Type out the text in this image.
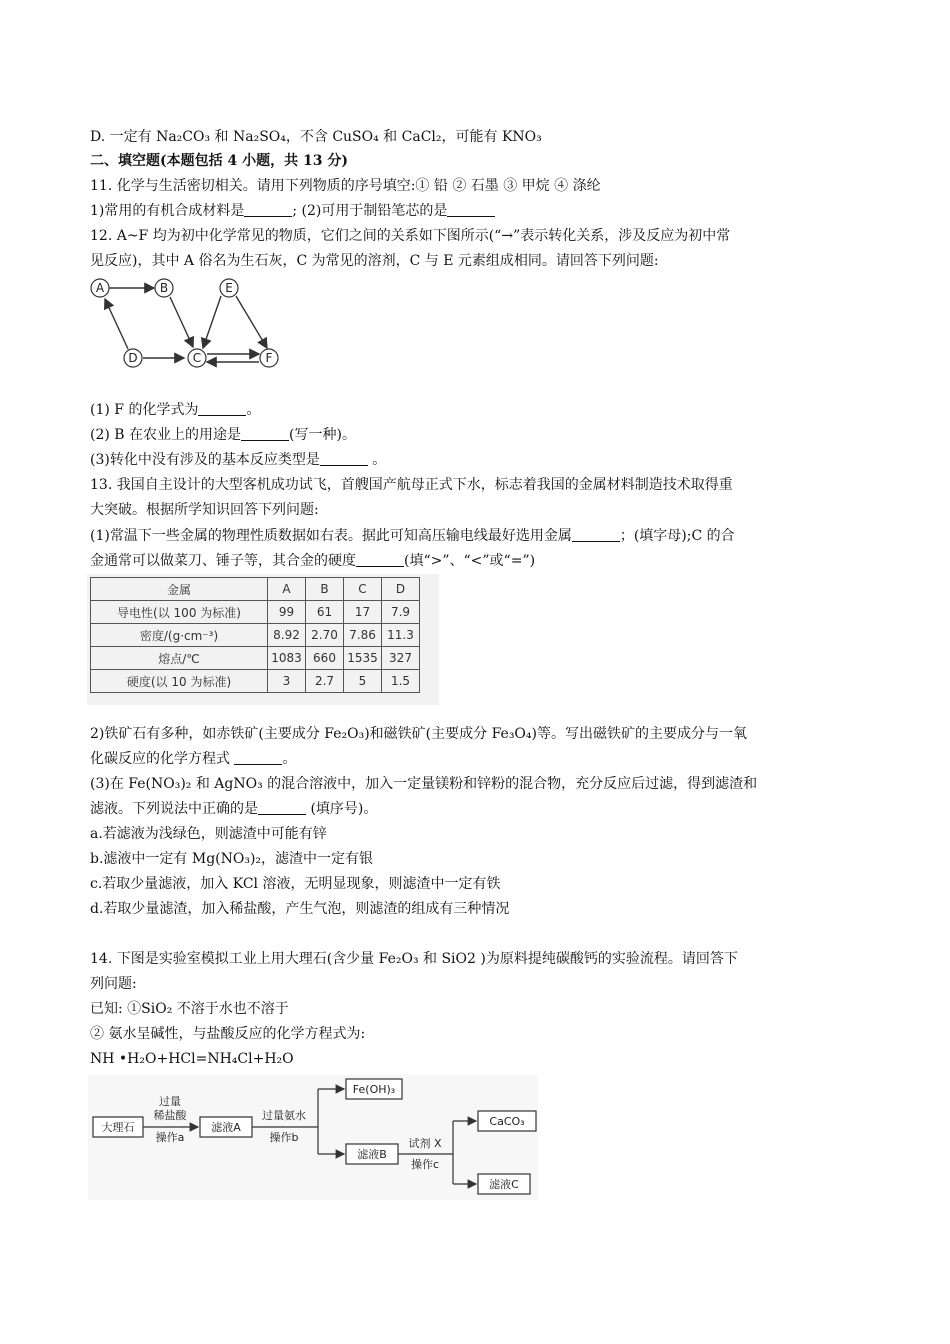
D. 一定有 Na₂CO₃ 和 Na₂SO₄，不含 CuSO₄ 和 CaCl₂，可能有 KNO₃
二、填空题(本题包括 4 小题，共 13 分)
11. 化学与生活密切相关。请用下列物质的序号填空:① 铅 ② 石墨 ③ 甲烷 ④ 涤纶
1)常用的有机合成材料是	; (2)可用于制铅笔芯的是
12. A~F 均为初中化学常见的物质，它们之间的关系如下图所示(“→”表示转化关系，涉及反应为初中常
见反应)，其中 A 俗名为生石灰，C 为常见的溶剂，C 与 E 元素组成相同。请回答下列问题:
A	B	E
D	C	F
(1) F 的化学式为	。
(2) B 在农业上的用途是	(写一种)。
(3)转化中没有涉及的基本反应类型是	。
13. 我国自主设计的大型客机成功试飞，首艘国产航母正式下水，标志着我国的金属材料制造技术取得重
大突破。根据所学知识回答下列问题:
(1)常温下一些金属的物理性质数据如右表。据此可知高压输电线最好选用金属	；(填字母);C 的合
金通常可以做菜刀、锤子等，其合金的硬度	(填“>”、“<”或“=”)
金属	A	B	C	D
导电性(以 100 为标准)	99	61	17	7.9
密度/(g·cm⁻³)	8.92	2.70	7.86	11.3
熔点/℃	1083	660	1535	327
硬度(以 10 为标准)	3	2.7	5	1.5
2)铁矿石有多种，如赤铁矿(主要成分 Fe₂O₃)和磁铁矿(主要成分 Fe₃O₄)等。写出磁铁矿的主要成分与一氧
化碳反应的化学方程式	。
(3)在 Fe(NO₃)₂ 和 AgNO₃ 的混合溶液中，加入一定量镁粉和锌粉的混合物，充分反应后过滤，得到滤渣和
滤液。下列说法中正确的是	(填序号)。
a.若滤液为浅绿色，则滤渣中可能有锌
b.滤液中一定有 Mg(NO₃)₂，滤渣中一定有银
c.若取少量滤液，加入 KCl 溶液，无明显现象，则滤渣中一定有铁
d.若取少量滤渣，加入稀盐酸，产生气泡，则滤渣的组成有三种情况
14. 下图是实验室模拟工业上用大理石(含少量 Fe₂O₃ 和 SiO2 )为原料提纯碳酸钙的实验流程。请回答下
列问题:
已知: ①SiO₂ 不溶于水也不溶于
② 氨水呈碱性，与盐酸反应的化学方程式为:
NH •H₂O+HCl=NH₄Cl+H₂O
大理石
过量
稀盐酸
操作a
滤液A
过量氨水
操作b
Fe(OH)₃
滤液B
试剂 X
操作c
CaCO₃
滤液C
